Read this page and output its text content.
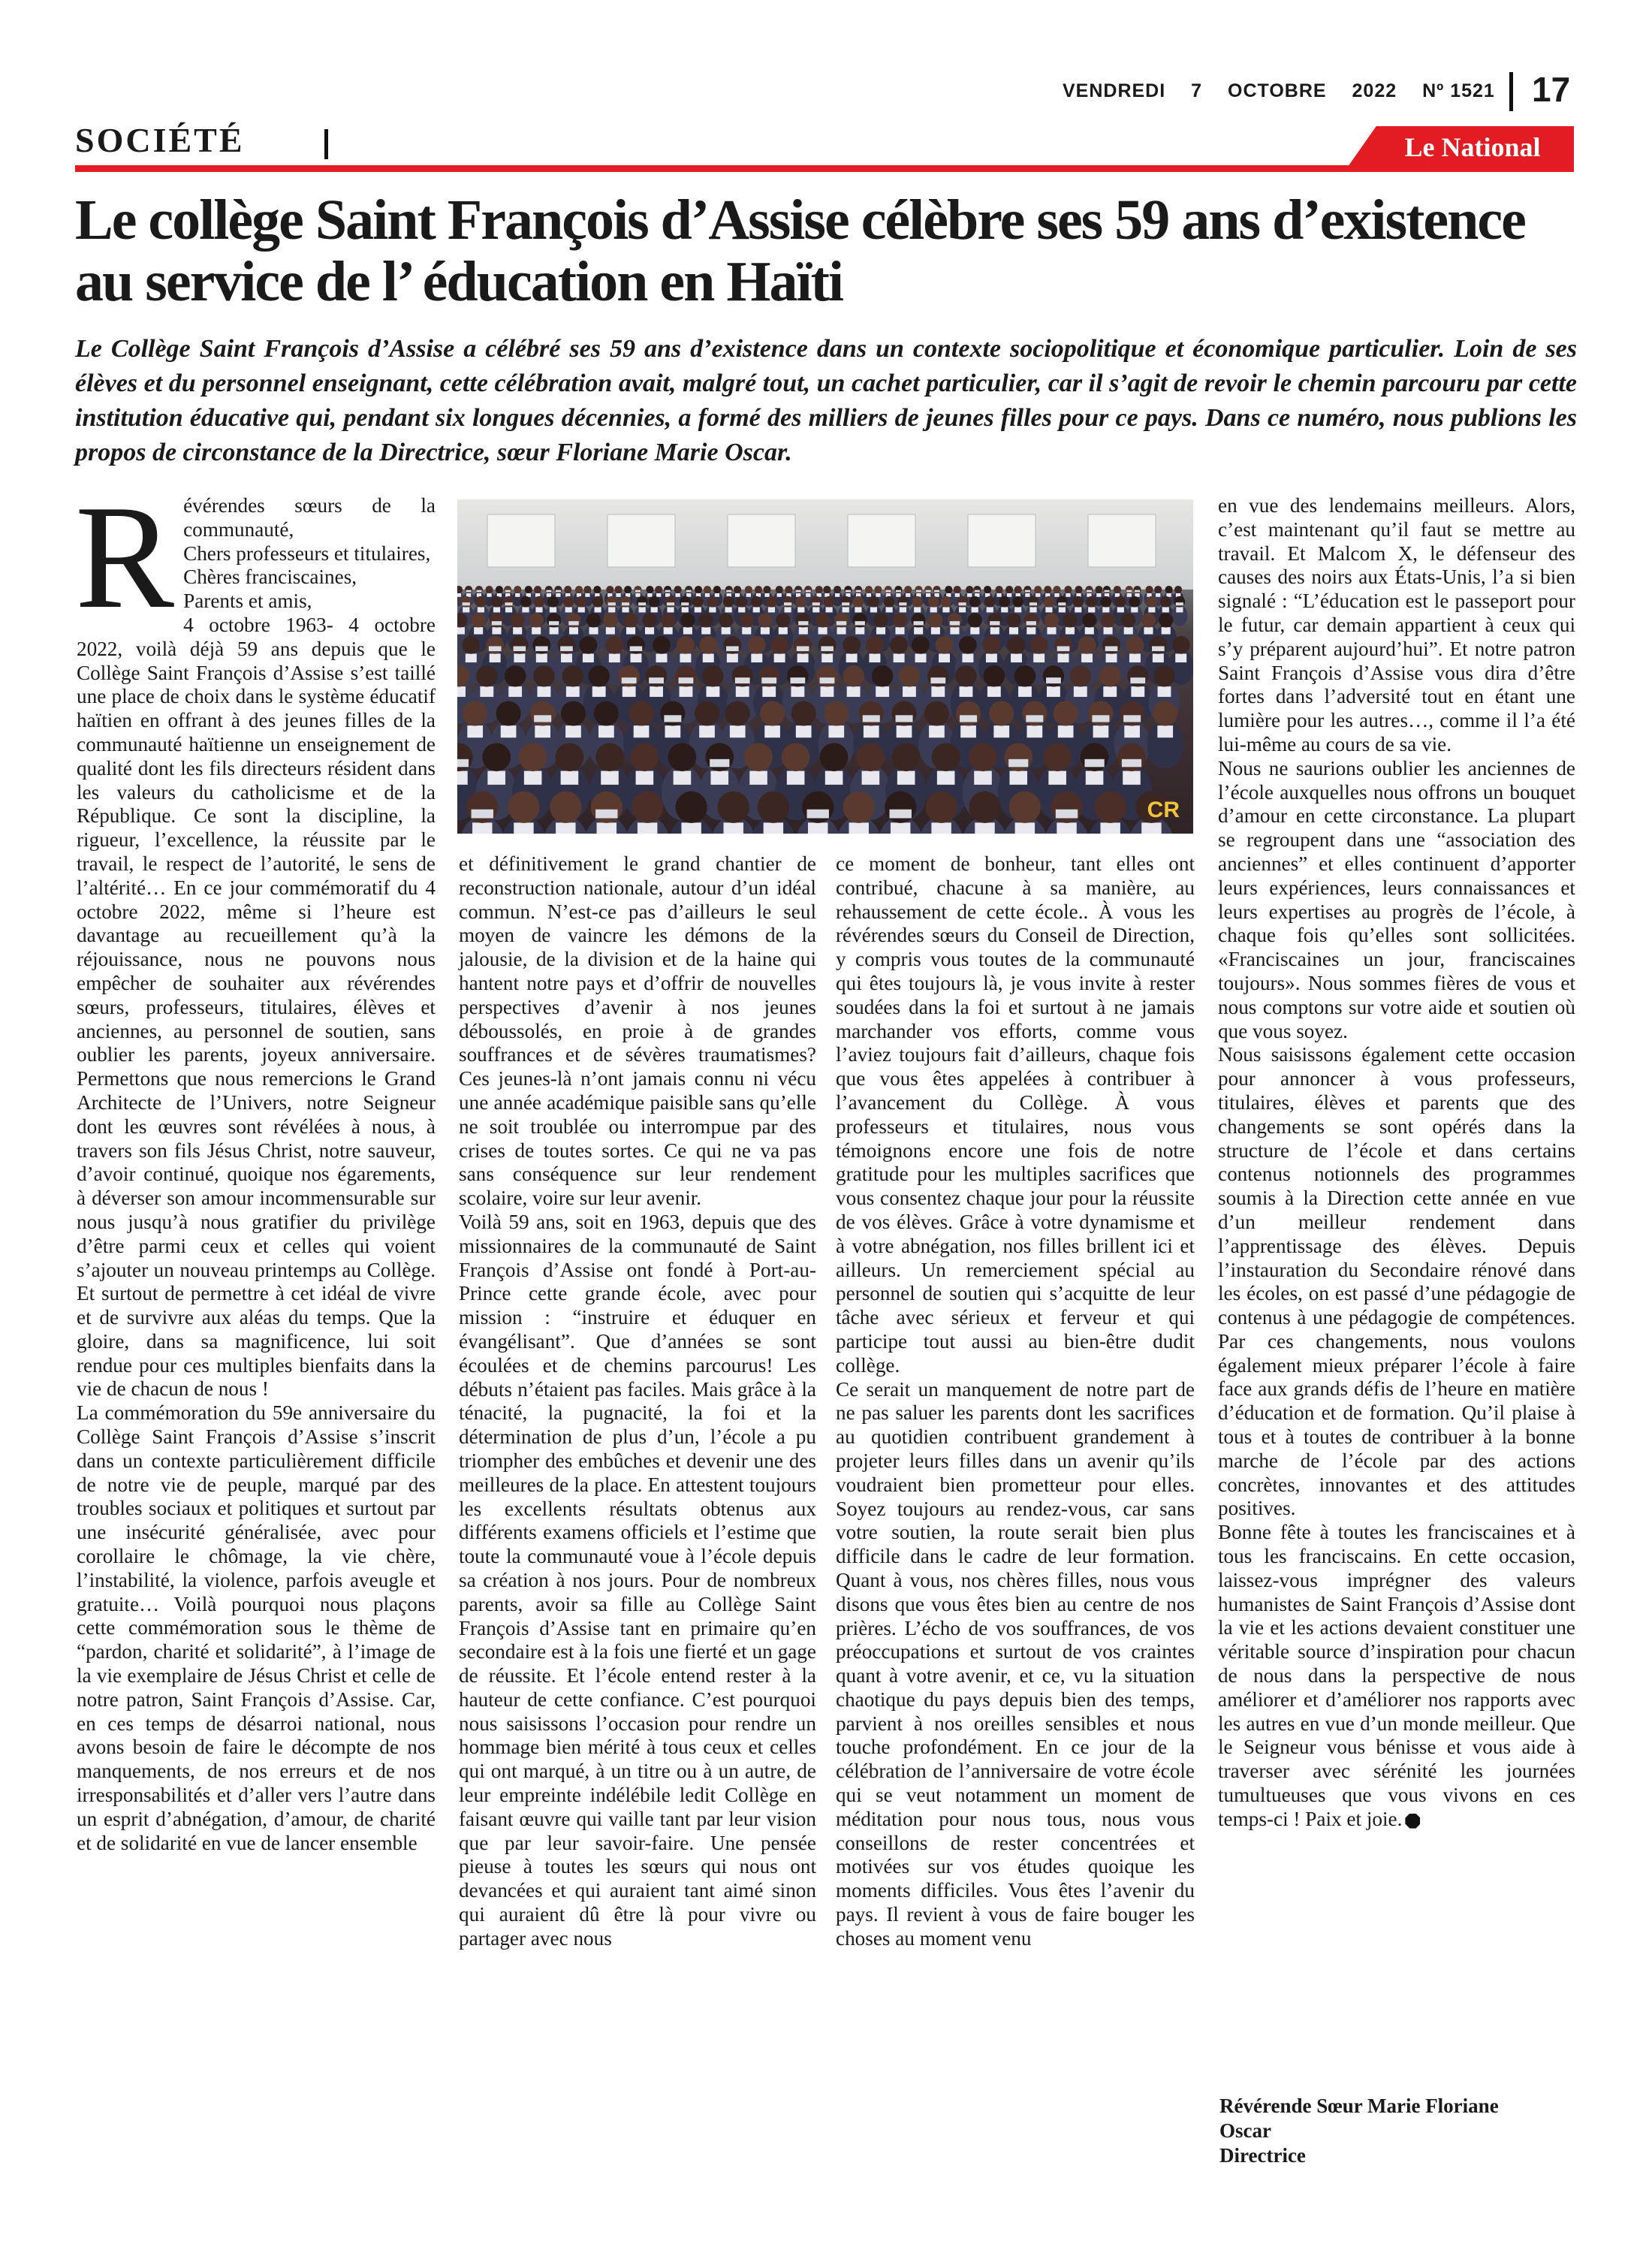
VENDREDI 7 OCTOBRE 2022 Nº 1521	17
SOCIÉTÉ	Le National
Le collège Saint François d’Assise célèbre ses 59 ans d’existence
au service de l’ éducation en Haïti

Le Collège Saint François d’Assise a célébré ses 59 ans d’existence dans un contexte sociopolitique et économique particulier. Loin de ses élèves et du personnel enseignant, cette célébration avait, malgré tout, un cachet particulier, car il s’agit de revoir le chemin parcouru par cette institution éducative qui, pendant six longues décennies, a formé des milliers de jeunes filles pour ce pays. Dans ce numéro, nous publions les propos de circonstance de la Directrice, sœur Floriane Marie Oscar.

R évérendes sœurs de la communauté,

Chers professeurs et titulaires,

Chères franciscaines,

Parents et amis,

4 octobre 1963- 4 octobre 2022, voilà déjà 59 ans depuis que le Collège Saint François d’Assise s’est taillé une place de choix dans le système éducatif haïtien en offrant à des jeunes filles de la communauté haïtienne un enseignement de qualité dont les fils directeurs résident dans les valeurs du catholicisme et de la République. Ce sont la discipline, la rigueur, l’excellence, la réussite par le travail, le respect de l’autorité, le sens de l’altérité… En ce jour commémoratif du 4 octobre 2022, même si l’heure est davantage au recueillement qu’à la réjouissance, nous ne pouvons nous empêcher de souhaiter aux révérendes sœurs, professeurs, titulaires, élèves et anciennes, au personnel de soutien, sans oublier les parents, joyeux anniversaire. Permettons que nous remercions le Grand Architecte de l’Univers, notre Seigneur dont les œuvres sont révélées à nous, à travers son fils Jésus Christ, notre sauveur, d’avoir continué, quoique nos égarements, à déverser son amour incommensurable sur nous jusqu’à nous gratifier du privilège d’être parmi ceux et celles qui voient s’ajouter un nouveau printemps au Collège. Et surtout de permettre à cet idéal de vivre et de survivre aux aléas du temps. Que la gloire, dans sa magnificence, lui soit rendue pour ces multiples bienfaits dans la vie de chacun de nous !

La commémoration du 59e anniversaire du Collège Saint François d’Assise s’inscrit dans un contexte particulièrement difficile de notre vie de peuple, marqué par des troubles sociaux et politiques et surtout par une insécurité généralisée, avec pour corollaire le chômage, la vie chère, l’instabilité, la violence, parfois aveugle et gratuite… Voilà pourquoi nous plaçons cette commémoration sous le thème de “pardon, charité et solidarité”, à l’image de la vie exemplaire de Jésus Christ et celle de notre patron, Saint François d’Assise. Car, en ces temps de désarroi national, nous avons besoin de faire le décompte de nos manquements, de nos erreurs et de nos irresponsabilités et d’aller vers l’autre dans un esprit d’abnégation, d’amour, de charité et de solidarité en vue de lancer ensemble

CR

et définitivement le grand chantier de reconstruction nationale, autour d’un idéal commun. N’est-ce pas d’ailleurs le seul moyen de vaincre les démons de la jalousie, de la division et de la haine qui hantent notre pays et d’offrir de nouvelles perspectives d’avenir à nos jeunes déboussolés, en proie à de grandes souffrances et de sévères traumatismes? Ces jeunes-là n’ont jamais connu ni vécu une année académique paisible sans qu’elle ne soit troublée ou interrompue par des crises de toutes sortes. Ce qui ne va pas sans conséquence sur leur rendement scolaire, voire sur leur avenir.

Voilà 59 ans, soit en 1963, depuis que des missionnaires de la communauté de Saint François d’Assise ont fondé à Port-au-Prince cette grande école, avec pour mission : “instruire et éduquer en évangélisant”. Que d’années se sont écoulées et de chemins parcourus! Les débuts n’étaient pas faciles. Mais grâce à la ténacité, la pugnacité, la foi et la détermination de plus d’un, l’école a pu triompher des embûches et devenir une des meilleures de la place. En attestent toujours les excellents résultats obtenus aux différents examens officiels et l’estime que toute la communauté voue à l’école depuis sa création à nos jours. Pour de nombreux parents, avoir sa fille au Collège Saint François d’Assise tant en primaire qu’en secondaire est à la fois une fierté et un gage de réussite. Et l’école entend rester à la hauteur de cette confiance. C’est pourquoi nous saisissons l’occasion pour rendre un hommage bien mérité à tous ceux et celles qui ont marqué, à un titre ou à un autre, de leur empreinte indélébile ledit Collège en faisant œuvre qui vaille tant par leur vision que par leur savoir-faire. Une pensée pieuse à toutes les sœurs qui nous ont devancées et qui auraient tant aimé sinon qui auraient dû être là pour vivre ou partager avec nous

ce moment de bonheur, tant elles ont contribué, chacune à sa manière, au rehaussement de cette école.. À vous les révérendes sœurs du Conseil de Direction, y compris vous toutes de la communauté qui êtes toujours là, je vous invite à rester soudées dans la foi et surtout à ne jamais marchander vos efforts, comme vous l’aviez toujours fait d’ailleurs, chaque fois que vous êtes appelées à contribuer à l’avancement du Collège. À vous professeurs et titulaires, nous vous témoignons encore une fois de notre gratitude pour les multiples sacrifices que vous consentez chaque jour pour la réussite de vos élèves. Grâce à votre dynamisme et à votre abnégation, nos filles brillent ici et ailleurs. Un remerciement spécial au personnel de soutien qui s’acquitte de leur tâche avec sérieux et ferveur et qui participe tout aussi au bien-être dudit collège.

Ce serait un manquement de notre part de ne pas saluer les parents dont les sacrifices au quotidien contribuent grandement à projeter leurs filles dans un avenir qu’ils voudraient bien prometteur pour elles. Soyez toujours au rendez-vous, car sans votre soutien, la route serait bien plus difficile dans le cadre de leur formation. Quant à vous, nos chères filles, nous vous disons que vous êtes bien au centre de nos prières. L’écho de vos souffrances, de vos préoccupations et surtout de vos craintes quant à votre avenir, et ce, vu la situation chaotique du pays depuis bien des temps, parvient à nos oreilles sensibles et nous touche profondément. En ce jour de la célébration de l’anniversaire de votre école qui se veut notamment un moment de méditation pour nous tous, nous vous conseillons de rester concentrées et motivées sur vos études quoique les moments difficiles. Vous êtes l’avenir du pays. Il revient à vous de faire bouger les choses au moment venu

en vue des lendemains meilleurs. Alors, c’est maintenant qu’il faut se mettre au travail. Et Malcom X, le défenseur des causes des noirs aux États-Unis, l’a si bien signalé : “L’éducation est le passeport pour le futur, car demain appartient à ceux qui s’y préparent aujourd’hui”. Et notre patron Saint François d’Assise vous dira d’être fortes dans l’adversité tout en étant une lumière pour les autres…, comme il l’a été lui-même au cours de sa vie.

Nous ne saurions oublier les anciennes de l’école auxquelles nous offrons un bouquet d’amour en cette circonstance. La plupart se regroupent dans une “association des anciennes” et elles continuent d’apporter leurs expériences, leurs connaissances et leurs expertises au progrès de l’école, à chaque fois qu’elles sont sollicitées. «Franciscaines un jour, franciscaines toujours». Nous sommes fières de vous et nous comptons sur votre aide et soutien où que vous soyez.

Nous saisissons également cette occasion pour annoncer à vous professeurs, titulaires, élèves et parents que des changements se sont opérés dans la structure de l’école et dans certains contenus notionnels des programmes soumis à la Direction cette année en vue d’un meilleur rendement dans l’apprentissage des élèves. Depuis l’instauration du Secondaire rénové dans les écoles, on est passé d’une pédagogie de contenus à une pédagogie de compétences. Par ces changements, nous voulons également mieux préparer l’école à faire face aux grands défis de l’heure en matière d’éducation et de formation. Qu’il plaise à tous et à toutes de contribuer à la bonne marche de l’école par des actions concrètes, innovantes et des attitudes positives.

Bonne fête à toutes les franciscaines et à tous les franciscains. En cette occasion, laissez-vous imprégner des valeurs humanistes de Saint François d’Assise dont la vie et les actions devaient constituer une véritable source d’inspiration pour chacun de nous dans la perspective de nous améliorer et d’améliorer nos rapports avec les autres en vue d’un monde meilleur. Que le Seigneur vous bénisse et vous aide à traverser avec sérénité les journées tumultueuses que vous vivons en ces temps-ci ! Paix et joie.

Révérende Sœur Marie Floriane
Oscar
Directrice
